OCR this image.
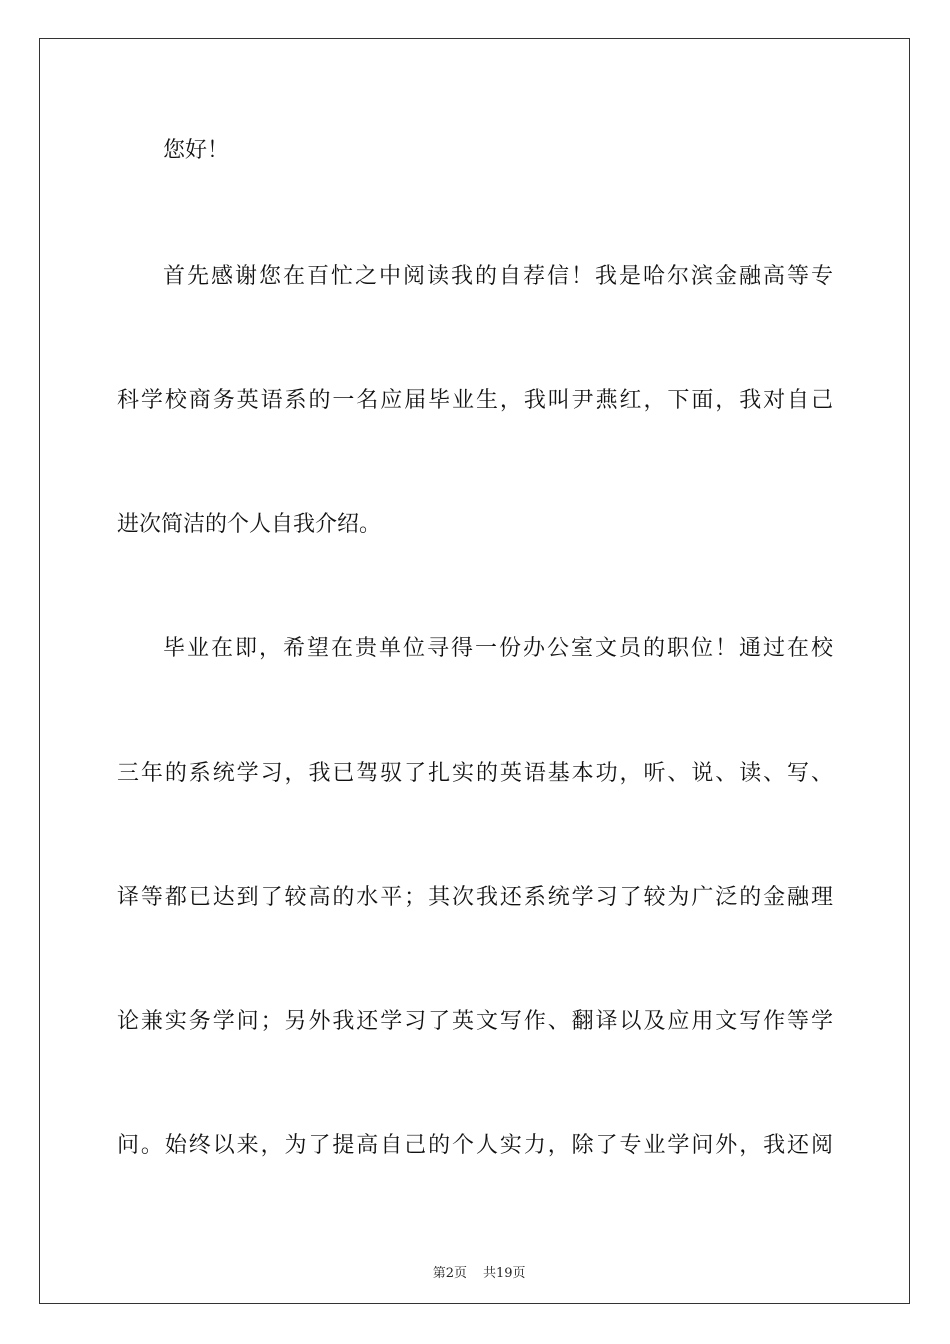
您好！
首先感谢您在百忙之中阅读我的自荐信！我是哈尔滨金融高等专
科学校商务英语系的一名应届毕业生，我叫尹燕红，下面，我对自己
进次简洁的个人自我介绍。
毕业在即，希望在贵单位寻得一份办公室文员的职位！通过在校
三年的系统学习，我已驾驭了扎实的英语基本功，听、说、读、写、
译等都已达到了较高的水平；其次我还系统学习了较为广泛的金融理
论兼实务学问；另外我还学习了英文写作、翻译以及应用文写作等学
问。始终以来，为了提高自己的个人实力，除了专业学问外，我还阅

第2页 共19页
